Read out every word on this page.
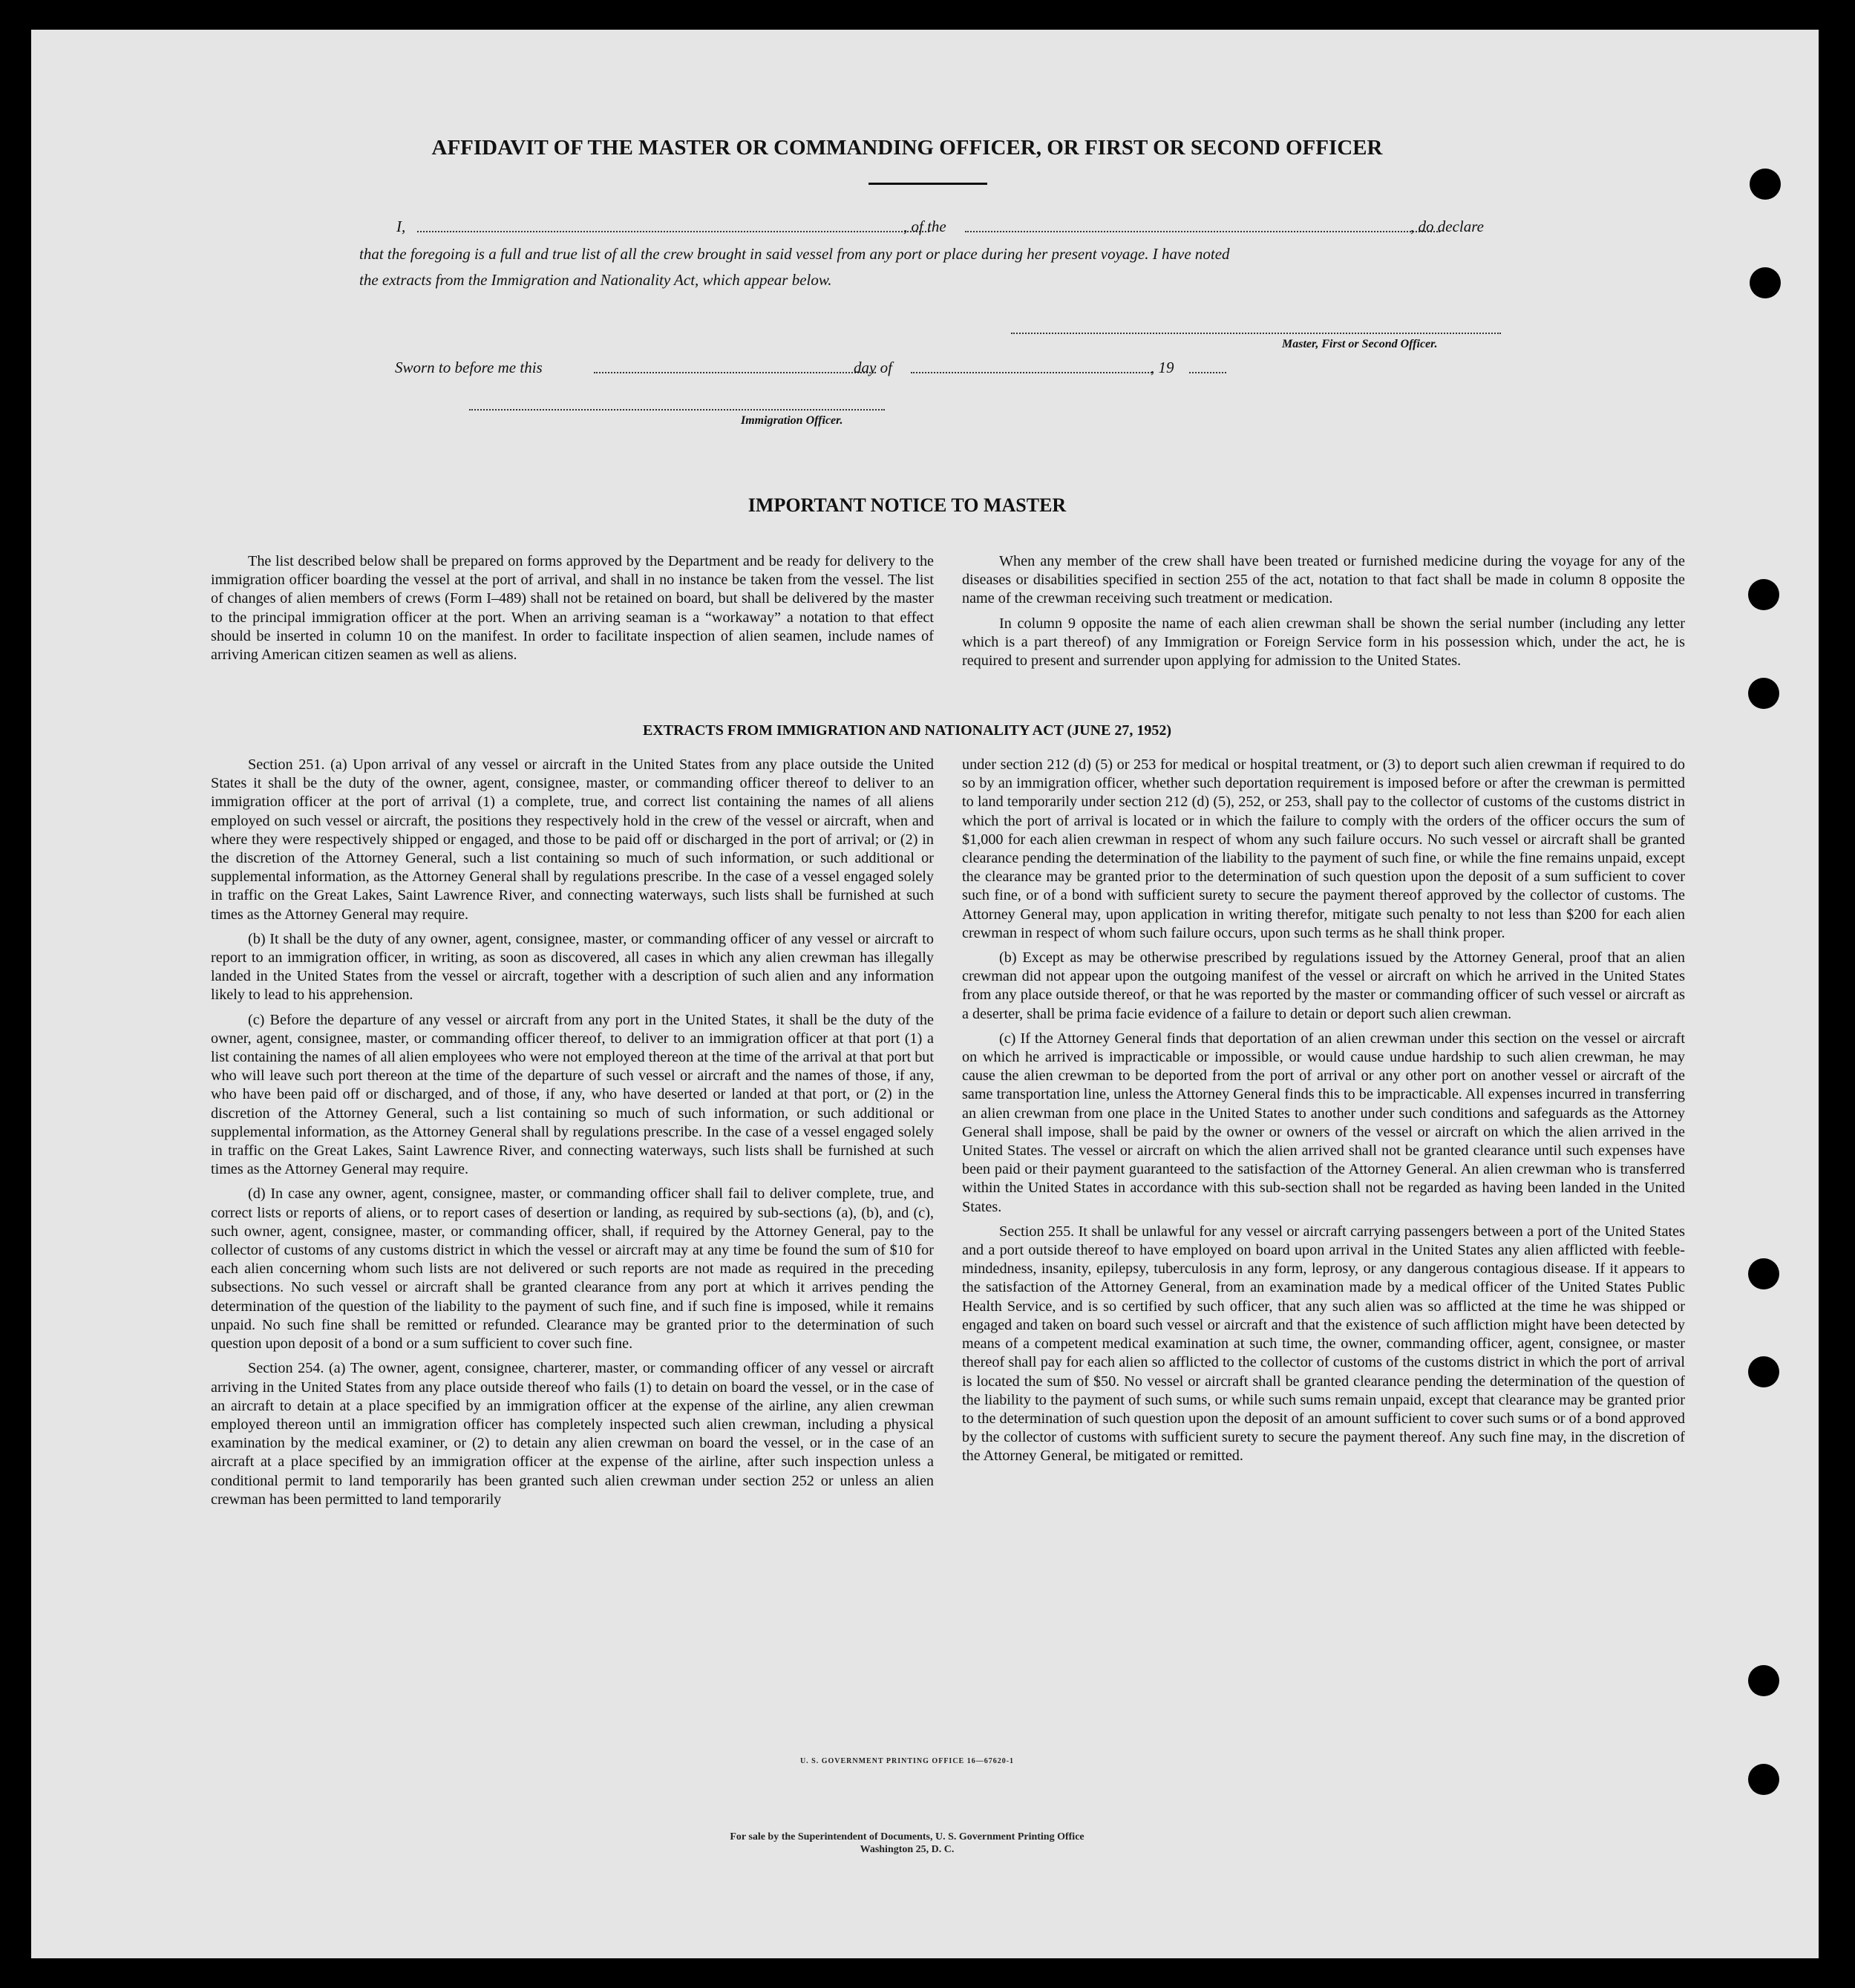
AFFIDAVIT OF THE MASTER OR COMMANDING OFFICER, OR FIRST OR SECOND OFFICER
I,	, of the	, do declare
that the foregoing is a full and true list of all the crew brought in said vessel from any port or place during her present voyage. I have noted
the extracts from the Immigration and Nationality Act, which appear below.
Master, First or Second Officer.
Sworn to before me this	day of	, 19
Immigration Officer.
IMPORTANT NOTICE TO MASTER

The list described below shall be prepared on forms approved by the Department and be ready for delivery to the immigration officer boarding the vessel at the port of arrival, and shall in no instance be taken from the vessel. The list of changes of alien members of crews (Form I–489) shall not be retained on board, but shall be delivered by the master to the principal immigration officer at the port. When an arriving seaman is a “workaway” a notation to that effect should be inserted in column 10 on the manifest. In order to facilitate inspection of alien seamen, include names of arriving American citizen seamen as well as aliens.

When any member of the crew shall have been treated or furnished medicine during the voyage for any of the diseases or disabilities specified in section 255 of the act, notation to that fact shall be made in column 8 opposite the name of the crewman receiving such treatment or medication.

In column 9 opposite the name of each alien crewman shall be shown the serial number (including any letter which is a part thereof) of any Immigration or Foreign Service form in his possession which, under the act, he is required to present and surrender upon applying for admission to the United States.

EXTRACTS FROM IMMIGRATION AND NATIONALITY ACT (JUNE 27, 1952)

Section 251. (a) Upon arrival of any vessel or aircraft in the United States from any place outside the United States it shall be the duty of the owner, agent, consignee, master, or commanding officer thereof to deliver to an immigration officer at the port of arrival (1) a complete, true, and correct list containing the names of all aliens employed on such vessel or aircraft, the positions they respectively hold in the crew of the vessel or aircraft, when and where they were respectively shipped or engaged, and those to be paid off or discharged in the port of arrival; or (2) in the discretion of the Attorney General, such a list containing so much of such information, or such additional or supplemental information, as the Attorney General shall by regulations prescribe. In the case of a vessel engaged solely in traffic on the Great Lakes, Saint Lawrence River, and connecting waterways, such lists shall be furnished at such times as the Attorney General may require.

(b) It shall be the duty of any owner, agent, consignee, master, or commanding officer of any vessel or aircraft to report to an immigration officer, in writing, as soon as discovered, all cases in which any alien crewman has illegally landed in the United States from the vessel or aircraft, together with a description of such alien and any information likely to lead to his apprehension.

(c) Before the departure of any vessel or aircraft from any port in the United States, it shall be the duty of the owner, agent, consignee, master, or commanding officer thereof, to deliver to an immigration officer at that port (1) a list containing the names of all alien employees who were not employed thereon at the time of the arrival at that port but who will leave such port thereon at the time of the departure of such vessel or aircraft and the names of those, if any, who have been paid off or discharged, and of those, if any, who have deserted or landed at that port, or (2) in the discretion of the Attorney General, such a list containing so much of such information, or such additional or supplemental information, as the Attorney General shall by regulations prescribe. In the case of a vessel engaged solely in traffic on the Great Lakes, Saint Lawrence River, and connecting waterways, such lists shall be furnished at such times as the Attorney General may require.

(d) In case any owner, agent, consignee, master, or commanding officer shall fail to deliver complete, true, and correct lists or reports of aliens, or to report cases of desertion or landing, as required by sub-sections (a), (b), and (c), such owner, agent, consignee, master, or commanding officer, shall, if required by the Attorney General, pay to the collector of customs of any customs district in which the vessel or aircraft may at any time be found the sum of $10 for each alien concerning whom such lists are not delivered or such reports are not made as required in the preceding subsections. No such vessel or aircraft shall be granted clearance from any port at which it arrives pending the determination of the question of the liability to the payment of such fine, and if such fine is imposed, while it remains unpaid. No such fine shall be remitted or refunded. Clearance may be granted prior to the determination of such question upon deposit of a bond or a sum sufficient to cover such fine.

Section 254. (a) The owner, agent, consignee, charterer, master, or commanding officer of any vessel or aircraft arriving in the United States from any place outside thereof who fails (1) to detain on board the vessel, or in the case of an aircraft to detain at a place specified by an immigration officer at the expense of the airline, any alien crewman employed thereon until an immigration officer has completely inspected such alien crewman, including a physical examination by the medical examiner, or (2) to detain any alien crewman on board the vessel, or in the case of an aircraft at a place specified by an immigration officer at the expense of the airline, after such inspection unless a conditional permit to land temporarily has been granted such alien crewman under section 252 or unless an alien crewman has been permitted to land temporarily

under section 212 (d) (5) or 253 for medical or hospital treatment, or (3) to deport such alien crewman if required to do so by an immigration officer, whether such deportation requirement is imposed before or after the crewman is permitted to land temporarily under section 212 (d) (5), 252, or 253, shall pay to the collector of customs of the customs district in which the port of arrival is located or in which the failure to comply with the orders of the officer occurs the sum of $1,000 for each alien crewman in respect of whom any such failure occurs. No such vessel or aircraft shall be granted clearance pending the determination of the liability to the payment of such fine, or while the fine remains unpaid, except the clearance may be granted prior to the determination of such question upon the deposit of a sum sufficient to cover such fine, or of a bond with sufficient surety to secure the payment thereof approved by the collector of customs. The Attorney General may, upon application in writing therefor, mitigate such penalty to not less than $200 for each alien crewman in respect of whom such failure occurs, upon such terms as he shall think proper.

(b) Except as may be otherwise prescribed by regulations issued by the Attorney General, proof that an alien crewman did not appear upon the outgoing manifest of the vessel or aircraft on which he arrived in the United States from any place outside thereof, or that he was reported by the master or commanding officer of such vessel or aircraft as a deserter, shall be prima facie evidence of a failure to detain or deport such alien crewman.

(c) If the Attorney General finds that deportation of an alien crewman under this section on the vessel or aircraft on which he arrived is impracticable or impossible, or would cause undue hardship to such alien crewman, he may cause the alien crewman to be deported from the port of arrival or any other port on another vessel or aircraft of the same transportation line, unless the Attorney General finds this to be impracticable. All expenses incurred in transferring an alien crewman from one place in the United States to another under such conditions and safeguards as the Attorney General shall impose, shall be paid by the owner or owners of the vessel or aircraft on which the alien arrived in the United States. The vessel or aircraft on which the alien arrived shall not be granted clearance until such expenses have been paid or their payment guaranteed to the satisfaction of the Attorney General. An alien crewman who is transferred within the United States in accordance with this sub-section shall not be regarded as having been landed in the United States.

Section 255. It shall be unlawful for any vessel or aircraft carrying passengers between a port of the United States and a port outside thereof to have employed on board upon arrival in the United States any alien afflicted with feeble-mindedness, insanity, epilepsy, tuberculosis in any form, leprosy, or any dangerous contagious disease. If it appears to the satisfaction of the Attorney General, from an examination made by a medical officer of the United States Public Health Service, and is so certified by such officer, that any such alien was so afflicted at the time he was shipped or engaged and taken on board such vessel or aircraft and that the existence of such affliction might have been detected by means of a competent medical examination at such time, the owner, commanding officer, agent, consignee, or master thereof shall pay for each alien so afflicted to the collector of customs of the customs district in which the port of arrival is located the sum of $50. No vessel or aircraft shall be granted clearance pending the determination of the question of the liability to the payment of such sums, or while such sums remain unpaid, except that clearance may be granted prior to the determination of such question upon the deposit of an amount sufficient to cover such sums or of a bond approved by the collector of customs with sufficient surety to secure the payment thereof. Any such fine may, in the discretion of the Attorney General, be mitigated or remitted.

U. S. GOVERNMENT PRINTING OFFICE 16—67620-1
For sale by the Superintendent of Documents, U. S. Government Printing Office
Washington 25, D. C.
